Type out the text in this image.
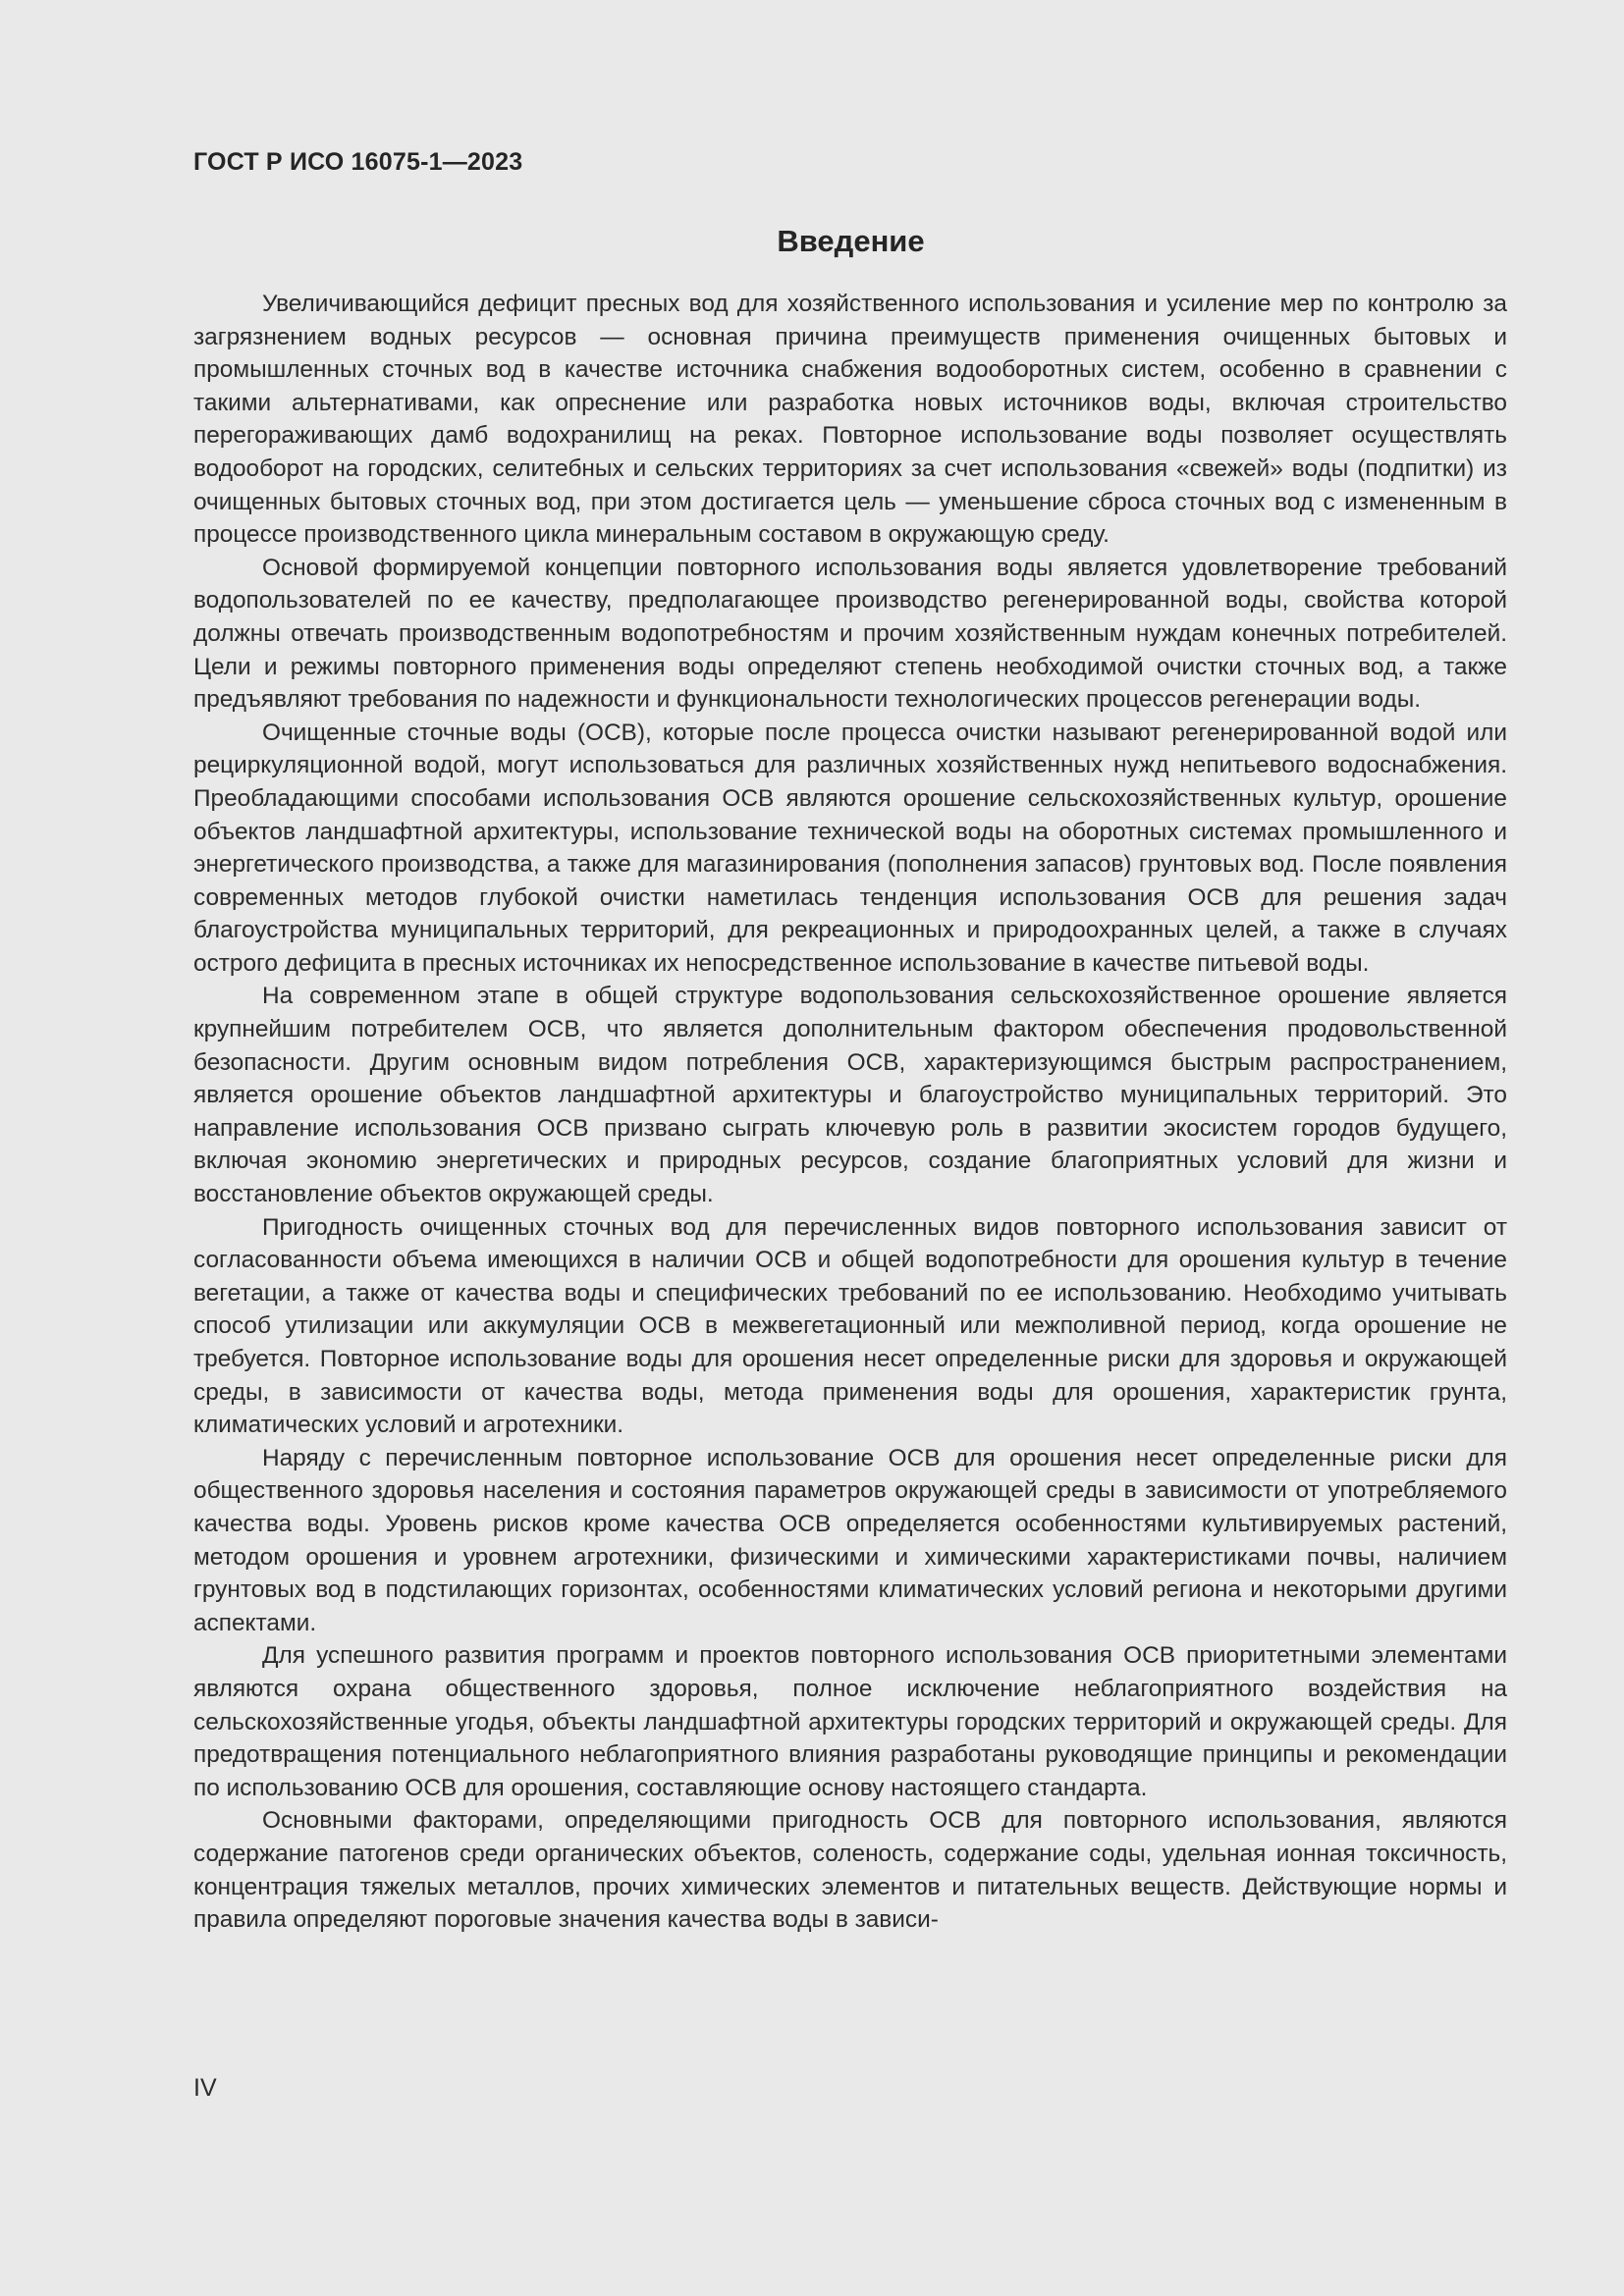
ГОСТ Р ИСО 16075-1—2023
Введение

Увеличивающийся дефицит пресных вод для хозяйственного использования и усиление мер по контролю за загрязнением водных ресурсов — основная причина преимуществ применения очищенных бытовых и промышленных сточных вод в качестве источника снабжения водооборотных систем, особенно в сравнении с такими альтернативами, как опреснение или разработка новых источников воды, включая строительство перегораживающих дамб водохранилищ на реках. Повторное использование воды позволяет осуществлять водооборот на городских, селитебных и сельских территориях за счет использования «свежей» воды (подпитки) из очищенных бытовых сточных вод, при этом достигается цель — уменьшение сброса сточных вод с измененным в процессе производственного цикла минеральным составом в окружающую среду.

Основой формируемой концепции повторного использования воды является удовлетворение требований водопользователей по ее качеству, предполагающее производство регенерированной воды, свойства которой должны отвечать производственным водопотребностям и прочим хозяйственным нуждам конечных потребителей. Цели и режимы повторного применения воды определяют степень необходимой очистки сточных вод, а также предъявляют требования по надежности и функциональности технологических процессов регенерации воды.

Очищенные сточные воды (ОСВ), которые после процесса очистки называют регенерированной водой или рециркуляционной водой, могут использоваться для различных хозяйственных нужд непитьевого водоснабжения. Преобладающими способами использования ОСВ являются орошение сельскохозяйственных культур, орошение объектов ландшафтной архитектуры, использование технической воды на оборотных системах промышленного и энергетического производства, а также для магазинирования (пополнения запасов) грунтовых вод. После появления современных методов глубокой очистки наметилась тенденция использования ОСВ для решения задач благоустройства муниципальных территорий, для рекреационных и природоохранных целей, а также в случаях острого дефицита в пресных источниках их непосредственное использование в качестве питьевой воды.

На современном этапе в общей структуре водопользования сельскохозяйственное орошение является крупнейшим потребителем ОСВ, что является дополнительным фактором обеспечения продовольственной безопасности. Другим основным видом потребления ОСВ, характеризующимся быстрым распространением, является орошение объектов ландшафтной архитектуры и благоустройство муниципальных территорий. Это направление использования ОСВ призвано сыграть ключевую роль в развитии экосистем городов будущего, включая экономию энергетических и природных ресурсов, создание благоприятных условий для жизни и восстановление объектов окружающей среды.

Пригодность очищенных сточных вод для перечисленных видов повторного использования зависит от согласованности объема имеющихся в наличии ОСВ и общей водопотребности для орошения культур в течение вегетации, а также от качества воды и специфических требований по ее использованию. Необходимо учитывать способ утилизации или аккумуляции ОСВ в межвегетационный или межполивной период, когда орошение не требуется. Повторное использование воды для орошения несет определенные риски для здоровья и окружающей среды, в зависимости от качества воды, метода применения воды для орошения, характеристик грунта, климатических условий и агротехники.

Наряду с перечисленным повторное использование ОСВ для орошения несет определенные риски для общественного здоровья населения и состояния параметров окружающей среды в зависимости от употребляемого качества воды. Уровень рисков кроме качества ОСВ определяется особенностями культивируемых растений, методом орошения и уровнем агротехники, физическими и химическими характеристиками почвы, наличием грунтовых вод в подстилающих горизонтах, особенностями климатических условий региона и некоторыми другими аспектами.

Для успешного развития программ и проектов повторного использования ОСВ приоритетными элементами являются охрана общественного здоровья, полное исключение неблагоприятного воздействия на сельскохозяйственные угодья, объекты ландшафтной архитектуры городских территорий и окружающей среды. Для предотвращения потенциального неблагоприятного влияния разработаны руководящие принципы и рекомендации по использованию ОСВ для орошения, составляющие основу настоящего стандарта.

Основными факторами, определяющими пригодность ОСВ для повторного использования, являются содержание патогенов среди органических объектов, соленость, содержание соды, удельная ионная токсичность, концентрация тяжелых металлов, прочих химических элементов и питательных веществ. Действующие нормы и правила определяют пороговые значения качества воды в зависи-

IV
